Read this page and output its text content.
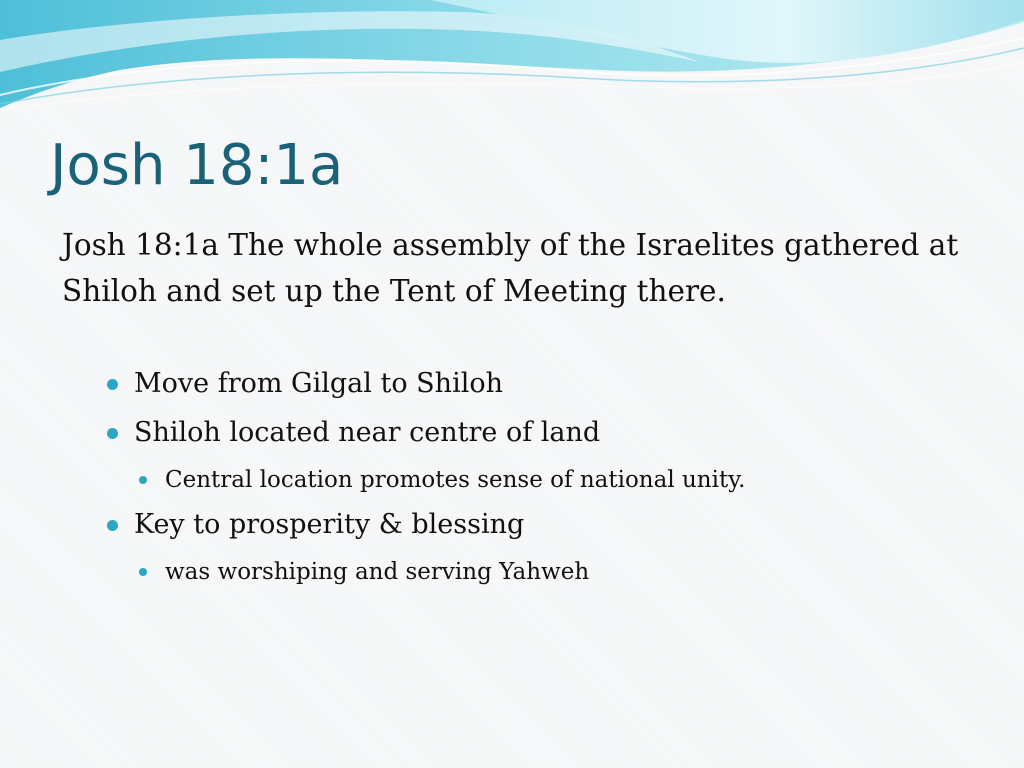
Josh 18:1a

Josh 18:1a The whole assembly of the Israelites gathered at Shiloh and set up the Tent of Meeting there.

Move from Gilgal to Shiloh
Shiloh located near centre of land
Central location promotes sense of national unity.
Key to prosperity & blessing
was worshiping and serving Yahweh
